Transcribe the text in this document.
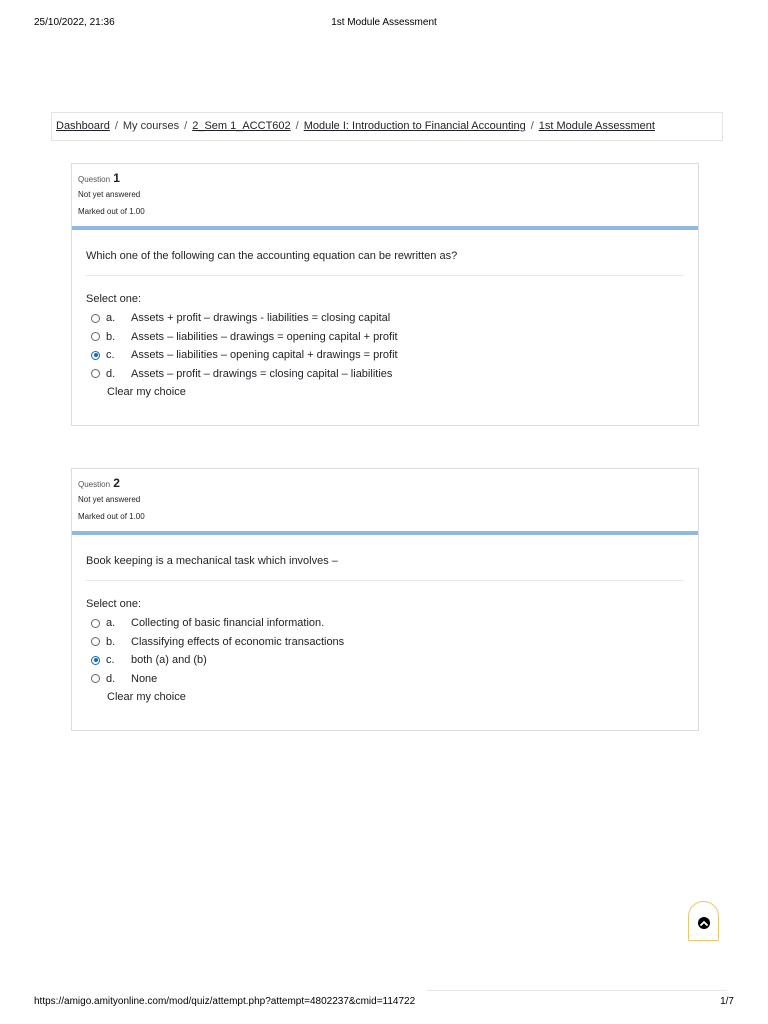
25/10/2022, 21:36	1st Module Assessment
Dashboard / My courses / 2_Sem 1_ACCT602 / Module I: Introduction to Financial Accounting / 1st Module Assessment
Question 1
Not yet answered
Marked out of 1.00
Which one of the following can the accounting equation can be rewritten as?
Select one:
a.	Assets + profit – drawings - liabilities = closing capital
b.	Assets – liabilities – drawings = opening capital + profit
c.	Assets – liabilities – opening capital + drawings = profit
d.	Assets – profit – drawings = closing capital – liabilities
Clear my choice
Question 2
Not yet answered
Marked out of 1.00
Book keeping is a mechanical task which involves –
Select one:
a.	Collecting of basic financial information.
b.	Classifying effects of economic transactions
c.	both (a) and (b)
d.	None
Clear my choice
https://amigo.amityonline.com/mod/quiz/attempt.php?attempt=4802237&cmid=114722	1/7
